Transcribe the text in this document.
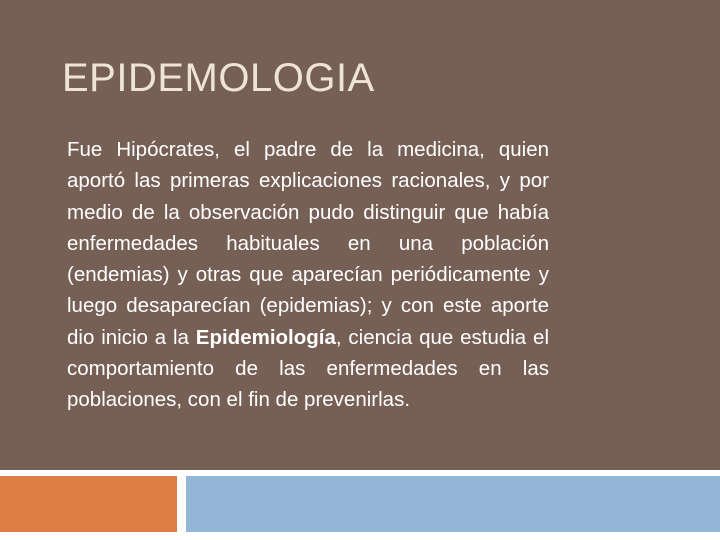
EPIDEMOLOGIA
Fue Hipócrates, el padre de la medicina, quien aportó las primeras explicaciones racionales, y por medio de la observación pudo distinguir que había enfermedades habituales en una población (endemias) y otras que aparecían periódicamente y luego desaparecían (epidemias); y con este aporte dio inicio a la Epidemiología, ciencia que estudia el comportamiento de las enfermedades en las poblaciones, con el fin de prevenirlas.
